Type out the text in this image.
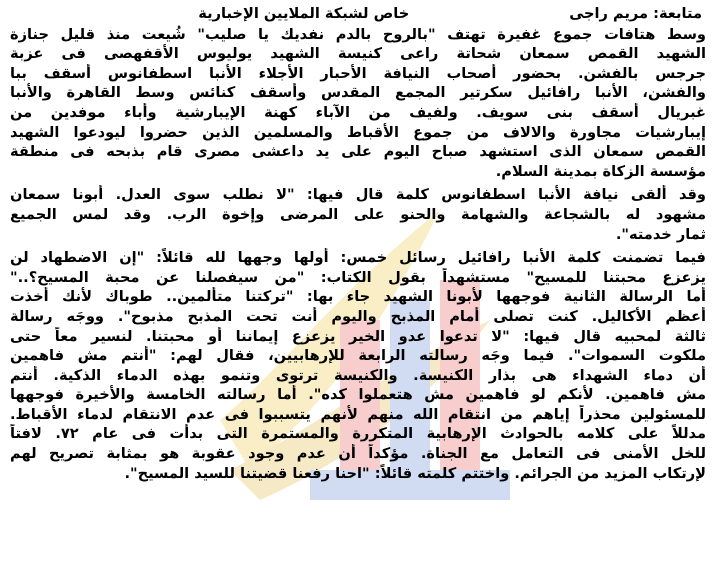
متابعة: مريم راجى
خاص لشبكة الملايين الإخبارية

وسط هتافات جموع غفيرة تهتف "بالروح بالدم نفديك يا صليب" شُيعت منذ قليل جنازة
الشهيد القمص سمعان شحاتة راعى كنيسة الشهيد يوليوس الأقفهصى فى عزبة
جرجس بالفشن. بحضور أصحاب النيافة الأحبار الأجلاء الأنبا اسطفانوس أسقف ببا
والفشن، الأنبا رافائيل سكرتير المجمع المقدس وأسقف كنائس وسط القاهرة والأنبا
غبريال أسقف بنى سويف. ولفيف من الآباء كهنة الإيبارشية وأباء موفدين من
إيبارشيات مجاورة والالاف من جموع الأقباط والمسلمين الذين حضروا ليودعوا الشهيد
القمص سمعان الذى استشهد صباح اليوم على يد داعشى مصرى قام بذبحه فى منطقة
مؤسسة الزكاة بمدينة السلام.

وقد ألقى نيافة الأنبا اسطفانوس كلمة قال فيها: "لا نطلب سوى العدل. أبونا سمعان
مشهود له بالشجاعة والشهامة والحنو على المرضى وإخوة الرب. وقد لمس الجميع
ثمار خدمته".

فيما تضمنت كلمة الأنبا رافائيل رسائل خمس: أولها وجهها لله قائلاً: "إن الاضطهاد لن
يزعزع محبتنا للمسيح" مستشهداً بقول الكتاب: "من سيفصلنا عن محبة المسيح؟.."
أما الرسالة الثانية فوجهها لأبونا الشهيد جاء بها: "تركتنا متألمين.. طوباك لأنك أخذت
أعظم الأكاليل. كنت تصلى أمام المذبح واليوم أنت تحت المذبح مذبوح". ووجَه رسالة
ثالثة لمحبيه قال فيها: "لا تدعوا عدو الخير يزعزع إيماننا أو محبتنا. لنسير معاً حتى
ملكوت السموات". فيما وجَه رسالته الرابعة للإرهابيين، فقال لهم: "أنتم مش فاهمين
أن دماء الشهداء هى بذار الكنيسة. والكنيسة ترتوى وتنمو بهذه الدماء الذكية. أنتم
مش فاهمين. لأنكم لو فاهمين مش هتعملوا كده". أما رسالته الخامسة والأخيرة فوجهها
للمسئولين محذراً إياهم من انتقام الله منهم لأنهم يتسببوا فى عدم الانتقام لدماء الأقباط.
مدللاً على كلامه بالحوادث الإرهابية المتكررة والمستمرة التى بدأت فى عام ٧٢. لافتاً
للخل الأمنى فى التعامل مع الجناة. مؤكداً أن عدم وجود عقوبة هو بمثابة تصريح لهم
لإرتكاب المزيد من الجرائم. واختتم كلمته قائلاً: "احنا رفعنا قضيتنا للسيد المسيح".
